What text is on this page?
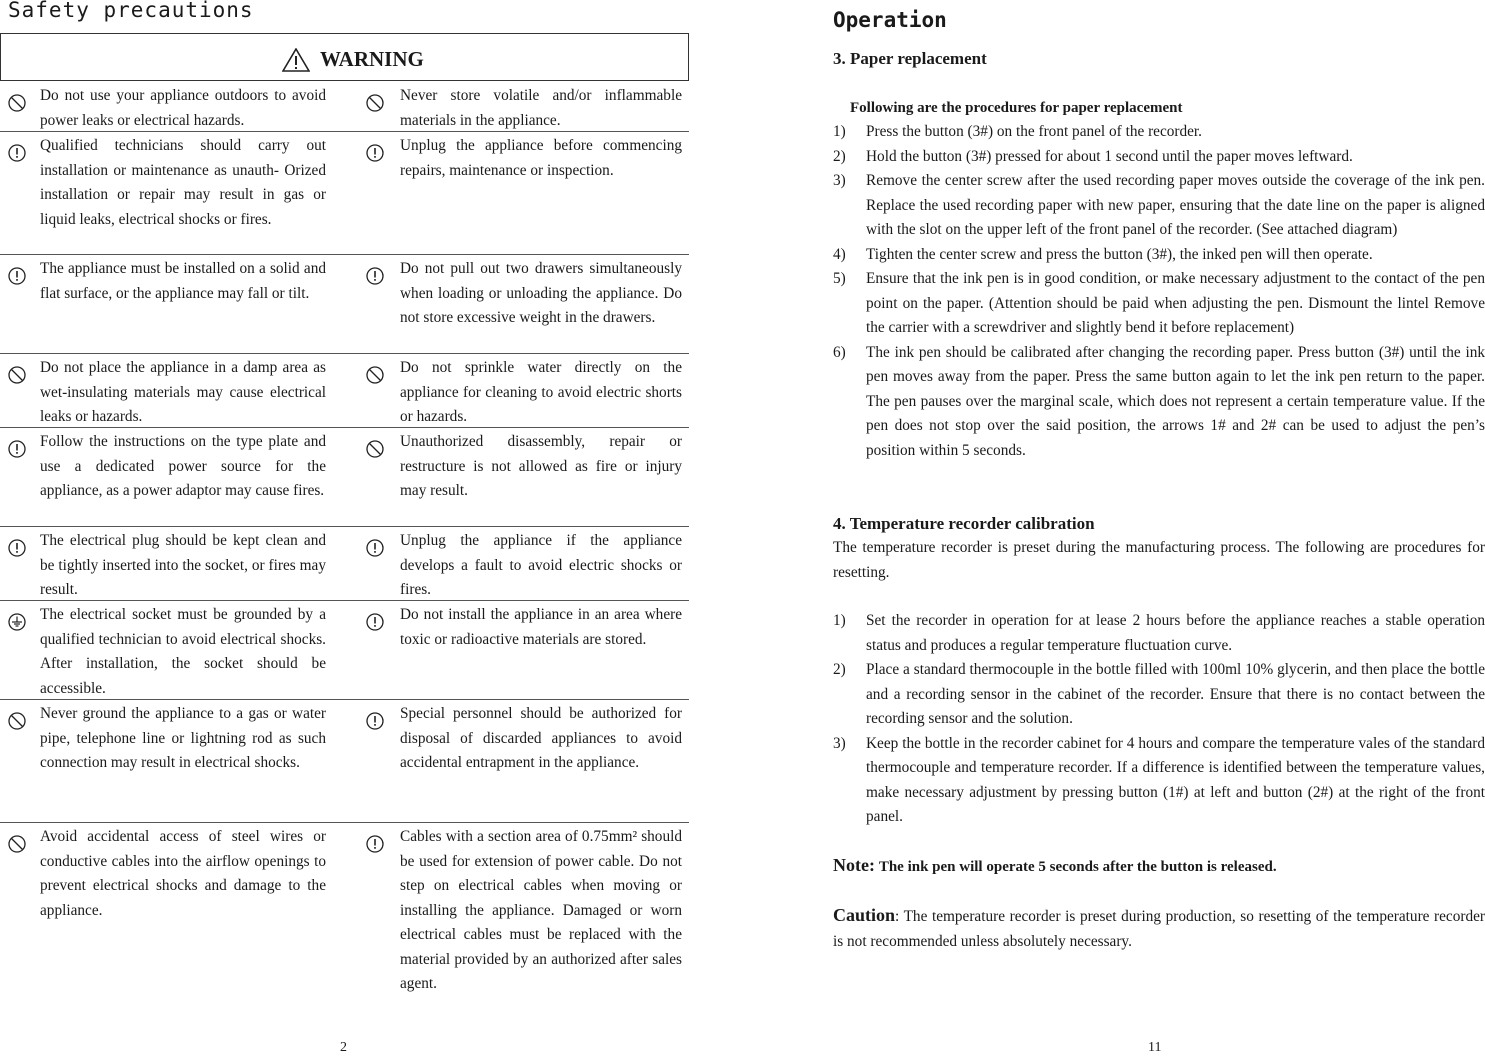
Safety precautions
WARNING

Do not use your appliance outdoors to avoid power leaks or electrical hazards.

Never store volatile and/or inflammable materials in the appliance.

Qualified technicians should carry out installation or maintenance as unauth- Orized installation or repair may result in gas or liquid leaks, electrical shocks or fires.

Unplug the appliance before commencing repairs, maintenance or inspection.

The appliance must be installed on a solid and flat surface, or the appliance may fall or tilt.

Do not pull out two drawers simultaneously when loading or unloading the appliance. Do not store excessive weight in the drawers.

Do not place the appliance in a damp area as wet-insulating materials may cause electrical leaks or hazards.

Do not sprinkle water directly on the appliance for cleaning to avoid electric shorts or hazards.

Follow the instructions on the type plate and use a dedicated power source for the appliance, as a power adaptor may cause fires.

Unauthorized disassembly, repair or restructure is not allowed as fire or injury may result.

The electrical plug should be kept clean and be tightly inserted into the socket, or fires may result.

Unplug the appliance if the appliance develops a fault to avoid electric shocks or fires.

The electrical socket must be grounded by a qualified technician to avoid electrical shocks. After installation, the socket should be accessible.

Do not install the appliance in an area where toxic or radioactive materials are stored.

Never ground the appliance to a gas or water pipe, telephone line or lightning rod as such connection may result in electrical shocks.

Special personnel should be authorized for disposal of discarded appliances to avoid accidental entrapment in the appliance.

Avoid accidental access of steel wires or conductive cables into the airflow openings to prevent electrical shocks and damage to the appliance.

Cables with a section area of 0.75mm² should be used for extension of power cable. Do not step on electrical cables when moving or installing the appliance. Damaged or worn electrical cables must be replaced with the material provided by an authorized after sales agent.

2
Operation
3. Paper replacement
Following are the procedures for paper replacement
1) Press the button (3#) on the front panel of the recorder.
2) Hold the button (3#) pressed for about 1 second until the paper moves leftward.
3) Remove the center screw after the used recording paper moves outside the coverage of the ink pen. Replace the used recording paper with new paper, ensuring that the date line on the paper is aligned with the slot on the upper left of the front panel of the recorder. (See attached diagram)
4) Tighten the center screw and press the button (3#), the inked pen will then operate.
5) Ensure that the ink pen is in good condition, or make necessary adjustment to the contact of the pen point on the paper. (Attention should be paid when adjusting the pen. Dismount the lintel Remove the carrier with a screwdriver and slightly bend it before replacement)
6) The ink pen should be calibrated after changing the recording paper. Press button (3#) until the ink pen moves away from the paper. Press the same button again to let the ink pen return to the paper. The pen pauses over the marginal scale, which does not represent a certain temperature value. If the pen does not stop over the said position, the arrows 1# and 2# can be used to adjust the pen’s position within 5 seconds.
4. Temperature recorder calibration
The temperature recorder is preset during the manufacturing process. The following are procedures for resetting.
1) Set the recorder in operation for at lease 2 hours before the appliance reaches a stable operation status and produces a regular temperature fluctuation curve.
2) Place a standard thermocouple in the bottle filled with 100ml 10% glycerin, and then place the bottle and a recording sensor in the cabinet of the recorder. Ensure that there is no contact between the recording sensor and the solution.
3) Keep the bottle in the recorder cabinet for 4 hours and compare the temperature vales of the standard thermocouple and temperature recorder. If a difference is identified between the temperature values, make necessary adjustment by pressing button (1#) at left and button (2#) at the right of the front panel.
Note: The ink pen will operate 5 seconds after the button is released.
Caution: The temperature recorder is preset during production, so resetting of the temperature recorder is not recommended unless absolutely necessary.
11
